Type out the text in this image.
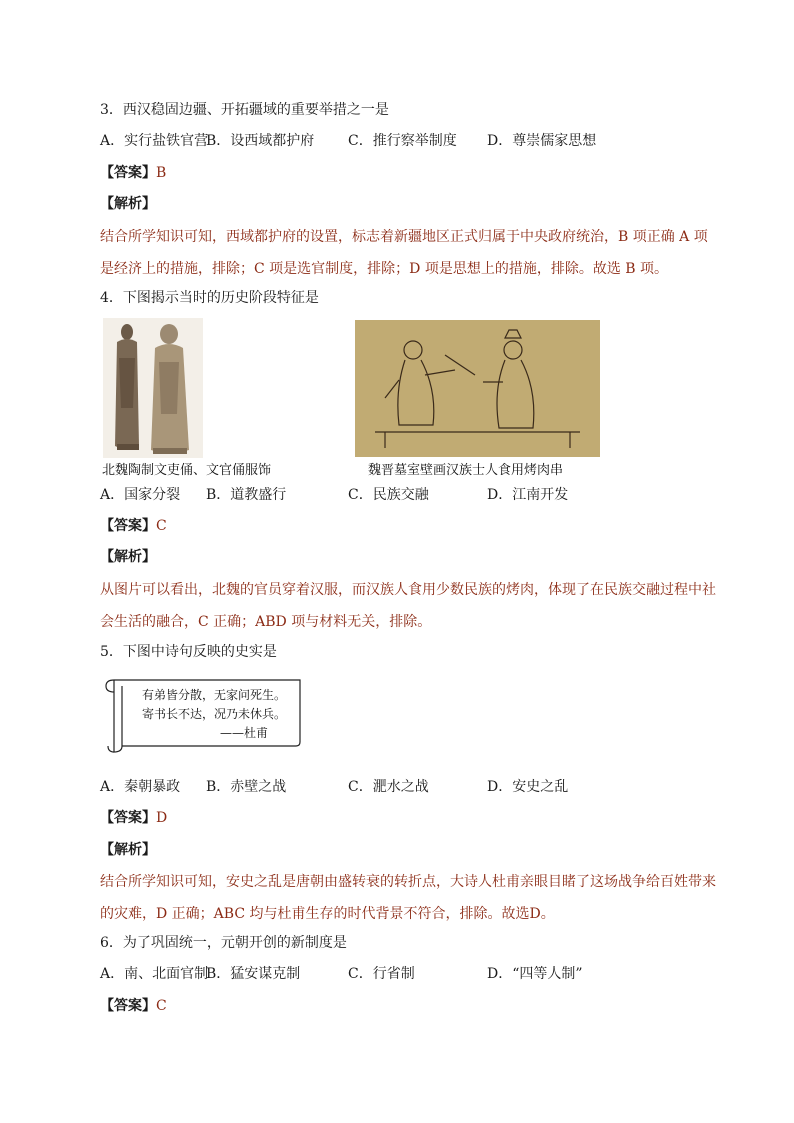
3．西汉稳固边疆、开拓疆域的重要举措之一是
A．实行盐铁官营
B．设西域都护府 C．推行察举制度 D．尊崇儒家思想
【答案】B
【解析】
结合所学知识可知，西域都护府的设置，标志着新疆地区正式归属于中央政府统治，B 项正确 A 项是经济上的措施，排除；C 项是选官制度，排除；D 项是思想上的措施，排除。故选 B 项。
4．下图揭示当时的历史阶段特征是
北魏陶制文吏俑、文官俑服饰	魏晋墓室壁画汉族士人食用烤肉串
A．国家分裂 B．道教盛行	C．民族交融	D．江南开发
【答案】C
【解析】
从图片可以看出，北魏的官员穿着汉服，而汉族人食用少数民族的烤肉，体现了在民族交融过程中社会生活的融合，C 正确；ABD 项与材料无关，排除。
5．下图中诗句反映的史实是
有弟皆分散，无家问死生。
寄书长不达，况乃未休兵。
——杜甫
A．秦朝暴政 B．赤壁之战	C．淝水之战	D．安史之乱
【答案】D
【解析】
结合所学知识可知，安史之乱是唐朝由盛转衰的转折点，大诗人杜甫亲眼目睹了这场战争给百姓带来的灾难，D 正确；ABC 均与杜甫生存的时代背景不符合，排除。故选D。
6．为了巩固统一，元朝开创的新制度是
A．南、北面官制
B．猛安谋克制	C．行省制	D．“四等人制”
【答案】C
